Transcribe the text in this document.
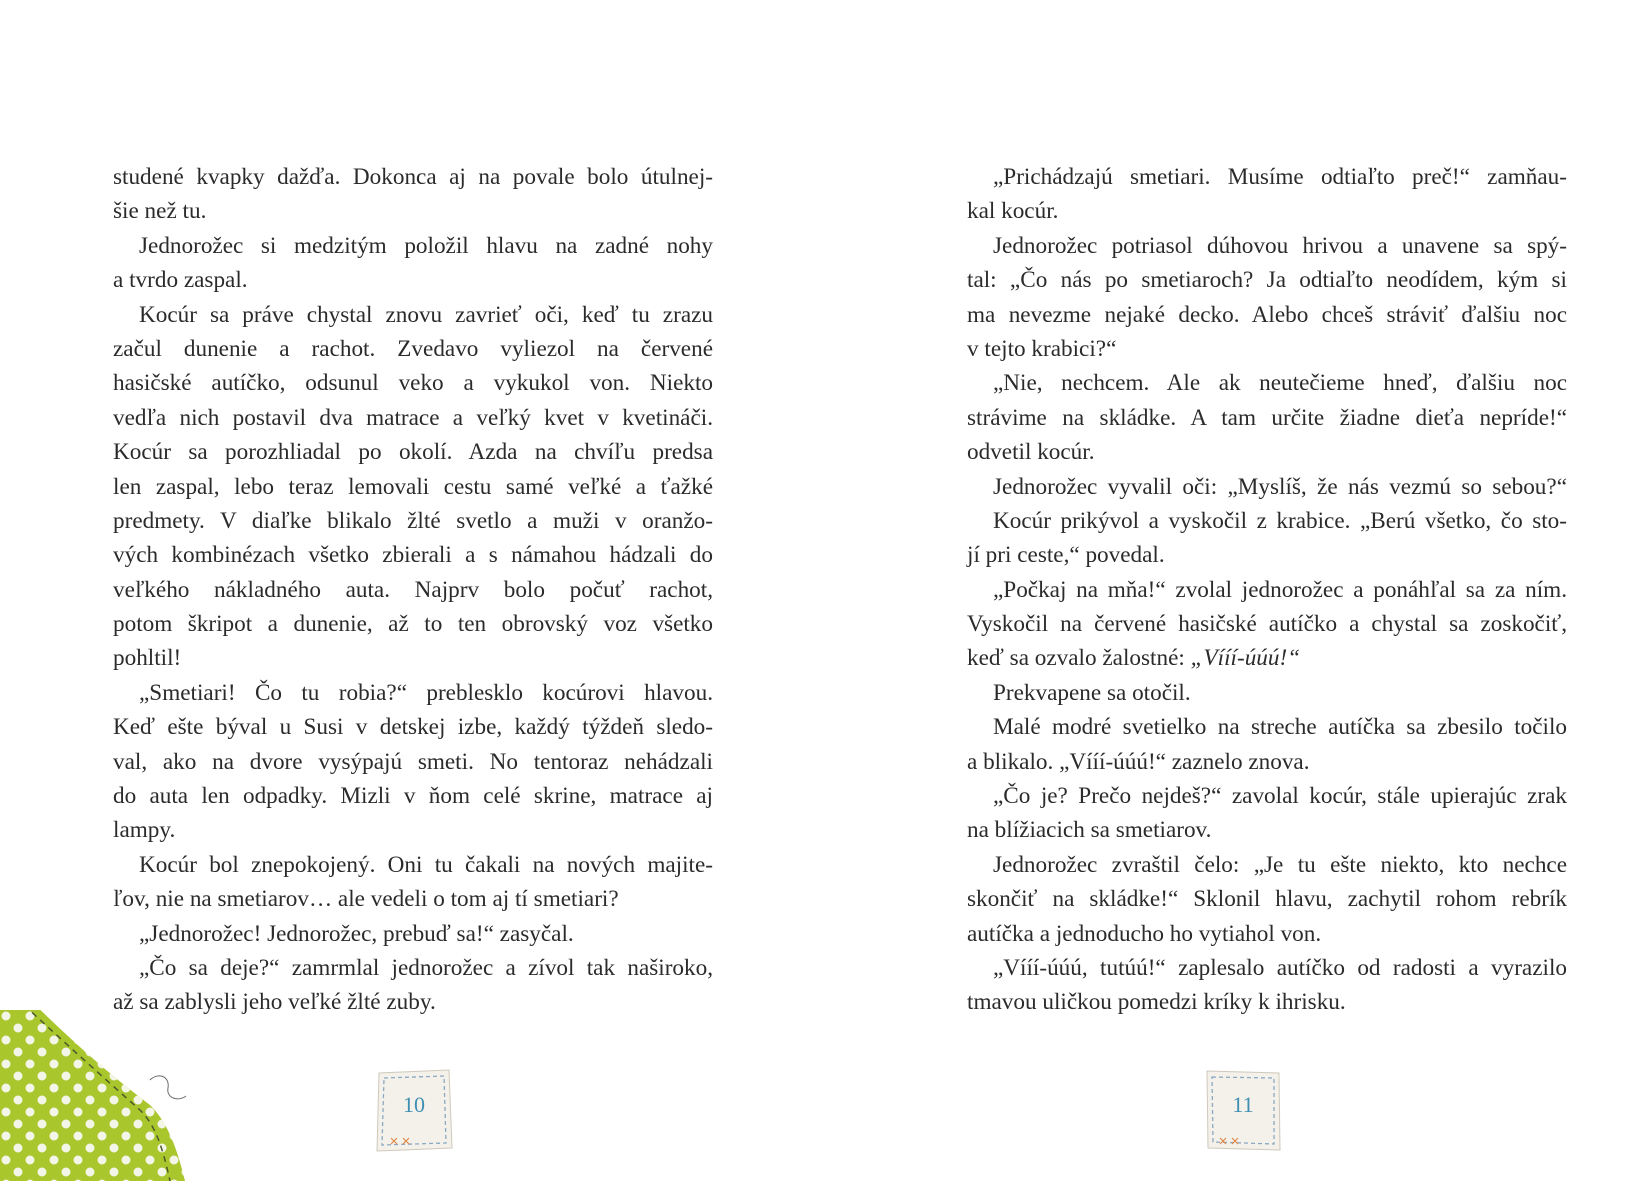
studené kvapky dažďa. Dokonca aj na povale bolo útulnej-
šie než tu.
Jednorožec si medzitým položil hlavu na zadné nohy
a tvrdo zaspal.
Kocúr sa práve chystal znovu zavrieť oči, keď tu zrazu
začul dunenie a rachot. Zvedavo vyliezol na červené
hasičské autíčko, odsunul veko a vykukol von. Niekto
vedľa nich postavil dva matrace a veľký kvet v kvetináči.
Kocúr sa porozhliadal po okolí. Azda na chvíľu predsa
len zaspal, lebo teraz lemovali cestu samé veľké a ťažké
predmety. V diaľke blikalo žlté svetlo a muži v oranžo-
vých kombinézach všetko zbierali a s námahou hádzali do
veľkého nákladného auta. Najprv bolo počuť rachot,
potom škripot a dunenie, až to ten obrovský voz všetko
pohltil!
„Smetiari! Čo tu robia?“ preblesklo kocúrovi hlavou.
Keď ešte býval u Susi v detskej izbe, každý týždeň sledo-
val, ako na dvore vysýpajú smeti. No tentoraz nehádzali
do auta len odpadky. Mizli v ňom celé skrine, matrace aj
lampy.
Kocúr bol znepokojený. Oni tu čakali na nových majite-
ľov, nie na smetiarov… ale vedeli o tom aj tí smetiari?
„Jednorožec! Jednorožec, prebuď sa!“ zasyčal.
„Čo sa deje?“ zamrmlal jednorožec a zívol tak naširoko,
až sa zablysli jeho veľké žlté zuby.
10
„Prichádzajú smetiari. Musíme odtiaľto preč!“ zamňau-
kal kocúr.
Jednorožec potriasol dúhovou hrivou a unavene sa spý-
tal: „Čo nás po smetiaroch? Ja odtiaľto neodídem, kým si
ma nevezme nejaké decko. Alebo chceš stráviť ďalšiu noc
v tejto krabici?“
„Nie, nechcem. Ale ak neutečieme hneď, ďalšiu noc
strávime na skládke. A tam určite žiadne dieťa nepríde!“
odvetil kocúr.
Jednorožec vyvalil oči: „Myslíš, že nás vezmú so sebou?“
Kocúr prikývol a vyskočil z krabice. „Berú všetko, čo sto-
jí pri ceste,“ povedal.
„Počkaj na mňa!“ zvolal jednorožec a ponáhľal sa za ním.
Vyskočil na červené hasičské autíčko a chystal sa zoskočiť,
keď sa ozvalo žalostné: „Vííí-úúú!“
Prekvapene sa otočil.
Malé modré svetielko na streche autíčka sa zbesilo točilo
a blikalo. „Vííí-úúú!“ zaznelo znova.
„Čo je? Prečo nejdeš?“ zavolal kocúr, stále upierajúc zrak
na blížiacich sa smetiarov.
Jednorožec zvraštil čelo: „Je tu ešte niekto, kto nechce
skončiť na skládke!“ Sklonil hlavu, zachytil rohom rebrík
autíčka a jednoducho ho vytiahol von.
„Vííí-úúú, tutúú!“ zaplesalo autíčko od radosti a vyrazilo
tmavou uličkou pomedzi kríky k ihrisku.
11
